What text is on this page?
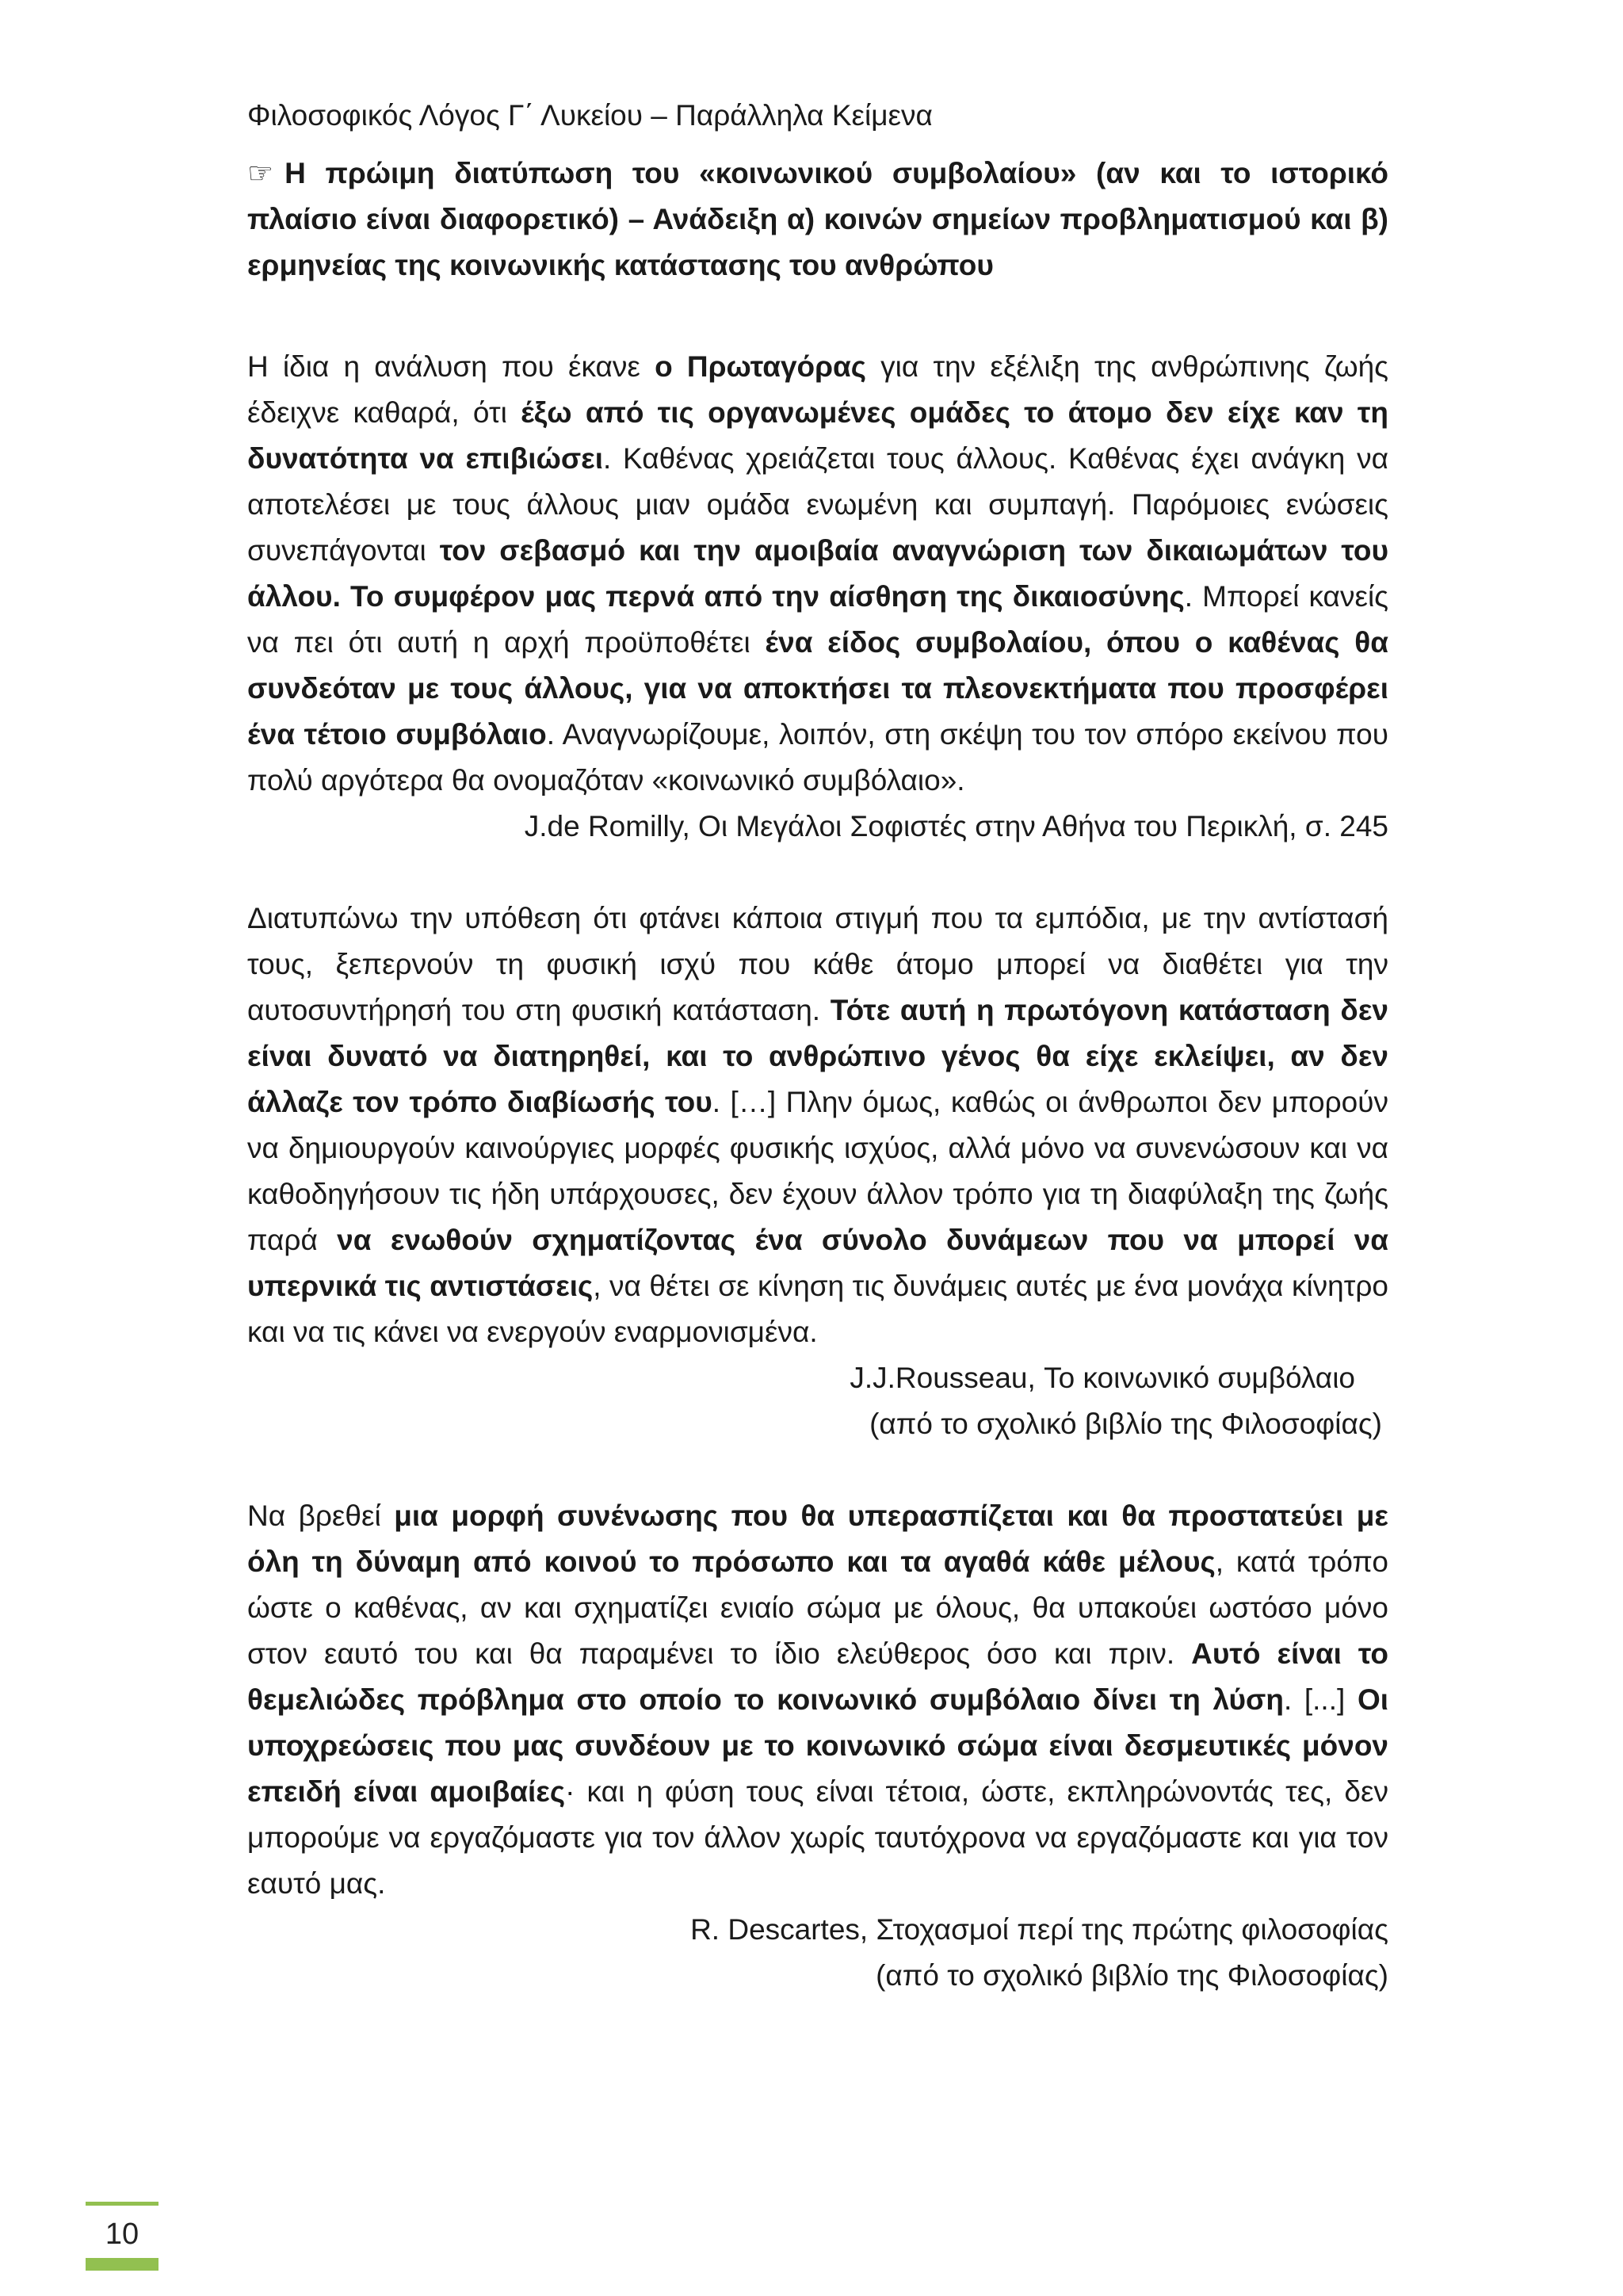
Φιλοσοφικός Λόγος Γ΄ Λυκείου – Παράλληλα Κείμενα
☞ Η πρώιμη διατύπωση του «κοινωνικού συμβολαίου» (αν και το ιστορικό πλαίσιο είναι διαφορετικό) – Ανάδειξη α) κοινών σημείων προβληματισμού και β) ερμηνείας της κοινωνικής κατάστασης του ανθρώπου

Η ίδια η ανάλυση που έκανε ο Πρωταγόρας για την εξέλιξη της ανθρώπινης ζωής έδειχνε καθαρά, ότι έξω από τις οργανωμένες ομάδες το άτομο δεν είχε καν τη δυνατότητα να επιβιώσει. Καθένας χρειάζεται τους άλλους. Καθένας έχει ανάγκη να αποτελέσει με τους άλλους μιαν ομάδα ενωμένη και συμπαγή. Παρόμοιες ενώσεις συνεπάγονται τον σεβασμό και την αμοιβαία αναγνώριση των δικαιωμάτων του άλλου. Το συμφέρον μας περνά από την αίσθηση της δικαιοσύνης. Μπορεί κανείς να πει ότι αυτή η αρχή προϋποθέτει ένα είδος συμβολαίου, όπου ο καθένας θα συνδεόταν με τους άλλους, για να αποκτήσει τα πλεονεκτήματα που προσφέρει ένα τέτοιο συμβόλαιο. Αναγνωρίζουμε, λοιπόν, στη σκέψη του τον σπόρο εκείνου που πολύ αργότερα θα ονομαζόταν «κοινωνικό συμβόλαιο».

J.de Romilly, Οι Μεγάλοι Σοφιστές στην Αθήνα του Περικλή, σ. 245

Διατυπώνω την υπόθεση ότι φτάνει κάποια στιγμή που τα εμπόδια, με την αντίστασή τους, ξεπερνούν τη φυσική ισχύ που κάθε άτομο μπορεί να διαθέτει για την αυτοσυντήρησή του στη φυσική κατάσταση. Τότε αυτή η πρωτόγονη κατάσταση δεν είναι δυνατό να διατηρηθεί, και το ανθρώπινο γένος θα είχε εκλείψει, αν δεν άλλαζε τον τρόπο διαβίωσής του. […] Πλην όμως, καθώς οι άνθρωποι δεν μπορούν να δημιουργούν καινούργιες μορφές φυσικής ισχύος, αλλά μόνο να συνενώσουν και να καθοδηγήσουν τις ήδη υπάρχουσες, δεν έχουν άλλον τρόπο για τη διαφύλαξη της ζωής παρά να ενωθούν σχηματίζοντας ένα σύνολο δυνάμεων που να μπορεί να υπερνικά τις αντιστάσεις, να θέτει σε κίνηση τις δυνάμεις αυτές με ένα μονάχα κίνητρο και να τις κάνει να ενεργούν εναρμονισμένα.

J.J.Rousseau, Το κοινωνικό συμβόλαιο

(από το σχολικό βιβλίο της Φιλοσοφίας)

Να βρεθεί μια μορφή συνένωσης που θα υπερασπίζεται και θα προστατεύει με όλη τη δύναμη από κοινού το πρόσωπο και τα αγαθά κάθε μέλους, κατά τρόπο ώστε ο καθένας, αν και σχηματίζει ενιαίο σώμα με όλους, θα υπακούει ωστόσο μόνο στον εαυτό του και θα παραμένει το ίδιο ελεύθερος όσο και πριν. Αυτό είναι το θεμελιώδες πρόβλημα στο οποίο το κοινωνικό συμβόλαιο δίνει τη λύση. [...] Οι υποχρεώσεις που μας συνδέουν με το κοινωνικό σώμα είναι δεσμευτικές μόνον επειδή είναι αμοιβαίες· και η φύση τους είναι τέτοια, ώστε, εκπληρώνοντάς τες, δεν μπορούμε να εργαζόμαστε για τον άλλον χωρίς ταυτόχρονα να εργαζόμαστε και για τον εαυτό μας.

R. Descartes, Στοχασμοί περί της πρώτης φιλοσοφίας

(από το σχολικό βιβλίο της Φιλοσοφίας)

10
